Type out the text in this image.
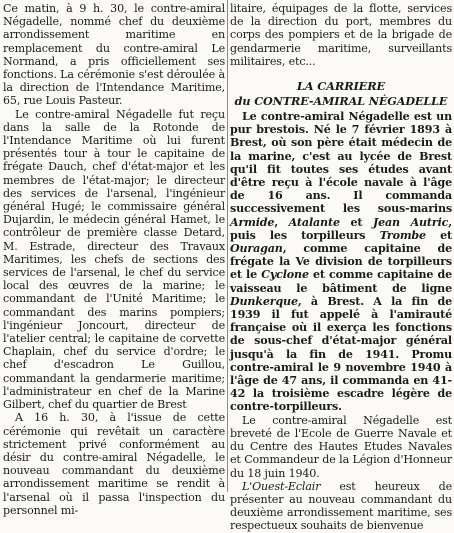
Ce matin, à 9 h. 30, le contre-amiral Négadelle, nommé chef du deuxième arrondissement maritime en remplacement du contre-amiral Le Normand, a pris officiellement ses fonctions. La cérémonie s'est déroulée à la direction de l'Intendance Maritime, 65, rue Louis Pasteur.

Le contre-amiral Négadelle fut reçu dans la salle de la Rotonde de l'Intendance Maritime où lui furent présentés tour à tour le capitaine de frégate Dauch, chef d'état-major et les membres de l'état-major; le directeur des services de l'arsenal, l'ingénieur général Hugé; le commissaire général Dujardin, le médecin général Hamet, le contrôleur de première classe Detard, M. Estrade, directeur des Travaux Maritimes, les chefs de sections des services de l'arsenal, le chef du service local des œuvres de la marine; le commandant de l'Unité Maritime; le commandant des marins pompiers; l'ingénieur Joncourt, directeur de l'atelier central; le capitaine de corvette Chaplain, chef du service d'ordre; le chef d'escadron Le Guillou, commandant la gendarmerie maritime; l'administrateur en chef de la Marine Gilbert, chef du quartier de Brest

A 16 h. 30, à l'issue de cette cérémonie qui revêtait un caractère strictement privé conformément au désir du contre-amiral Négadelle, le nouveau commandant du deuxième arrondissement maritime se rendit à l'arsenal où il passa l'inspection du personnel mi-

litaire, équipages de la flotte, services de la direction du port, membres du corps des pompiers et de la brigade de gendarmerie maritime, surveillants militaires, etc...

LA CARRIERE
du CONTRE-AMIRAL NÉGADELLE

Le contre-amiral Négadelle est un pur brestois. Né le 7 février 1893 à Brest, où son père était médecin de la marine, c'est au lycée de Brest qu'il fit toutes ses études avant d'être reçu à l'école navale à l'âge de 16 ans. Il commanda successivement les sous-marins Armide, Atalante et Jean Autric, puis les torpilleurs Trombe et Ouragan, comme capitaine de frégate la Ve division de torpilleurs et le Cyclone et comme capitaine de vaisseau le bâtiment de ligne Dunkerque, à Brest. A la fin de 1939 il fut appelé à l'amirauté française où il exerça les fonctions de sous-chef d'état-major général jusqu'à la fin de 1941. Promu contre-amiral le 9 novembre 1940 à l'âge de 47 ans, il commanda en 41-42 la troisième escadre légère de contre-torpilleurs.

Le contre-amiral Négadelle est breveté de l'Ecole de Guerre Navale et du Centre des Hautes Etudes Navales et Commandeur de la Légion d'Honneur du 18 juin 1940.

L'Ouest-Eclair est heureux de présenter au nouveau commandant du deuxième arrondissement maritime, ses respectueux souhaits de bienvenue
